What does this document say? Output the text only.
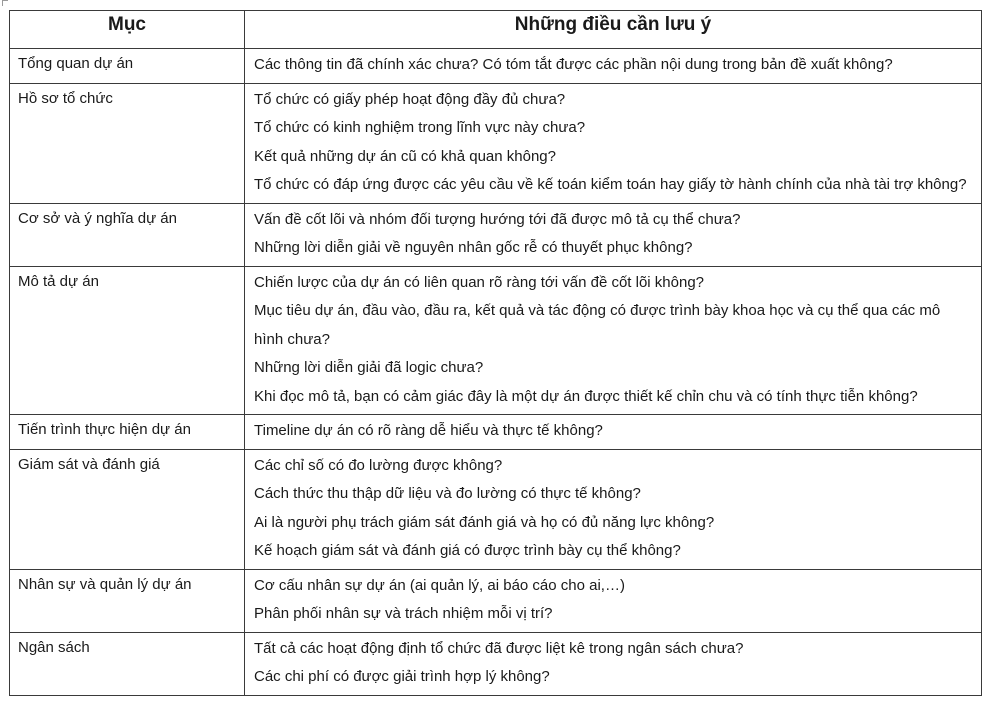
Mục	Những điều cần lưu ý
Tổng quan dự án	Các thông tin đã chính xác chưa? Có tóm tắt được các phần nội dung trong bản đề xuất không?

Hồ sơ tổ chức	Tổ chức có giấy phép hoạt động đầy đủ chưa?
Tổ chức có kinh nghiệm trong lĩnh vực này chưa?
Kết quả những dự án cũ có khả quan không?
Tổ chức có đáp ứng được các yêu cầu về kế toán kiểm toán hay giấy tờ hành chính của nhà tài trợ không?

Cơ sở và ý nghĩa dự án	Vấn đề cốt lõi và nhóm đối tượng hướng tới đã được mô tả cụ thể chưa?
Những lời diễn giải về nguyên nhân gốc rễ có thuyết phục không?

Mô tả dự án	Chiến lược của dự án có liên quan rõ ràng tới vấn đề cốt lõi không?
Mục tiêu dự án, đầu vào, đầu ra, kết quả và tác động có được trình bày khoa học và cụ thể qua các mô hình chưa?
Những lời diễn giải đã logic chưa?
Khi đọc mô tả, bạn có cảm giác đây là một dự án được thiết kế chỉn chu và có tính thực tiễn không?

Tiến trình thực hiện dự án	Timeline dự án có rõ ràng dễ hiểu và thực tế không?

Giám sát và đánh giá	Các chỉ số có đo lường được không?
Cách thức thu thập dữ liệu và đo lường có thực tế không?
Ai là người phụ trách giám sát đánh giá và họ có đủ năng lực không?
Kế hoạch giám sát và đánh giá có được trình bày cụ thể không?

Nhân sự và quản lý dự án	Cơ cấu nhân sự dự án (ai quản lý, ai báo cáo cho ai,…)
Phân phối nhân sự và trách nhiệm mỗi vị trí?

Ngân sách	Tất cả các hoạt động định tổ chức đã được liệt kê trong ngân sách chưa?
Các chi phí có được giải trình hợp lý không?
